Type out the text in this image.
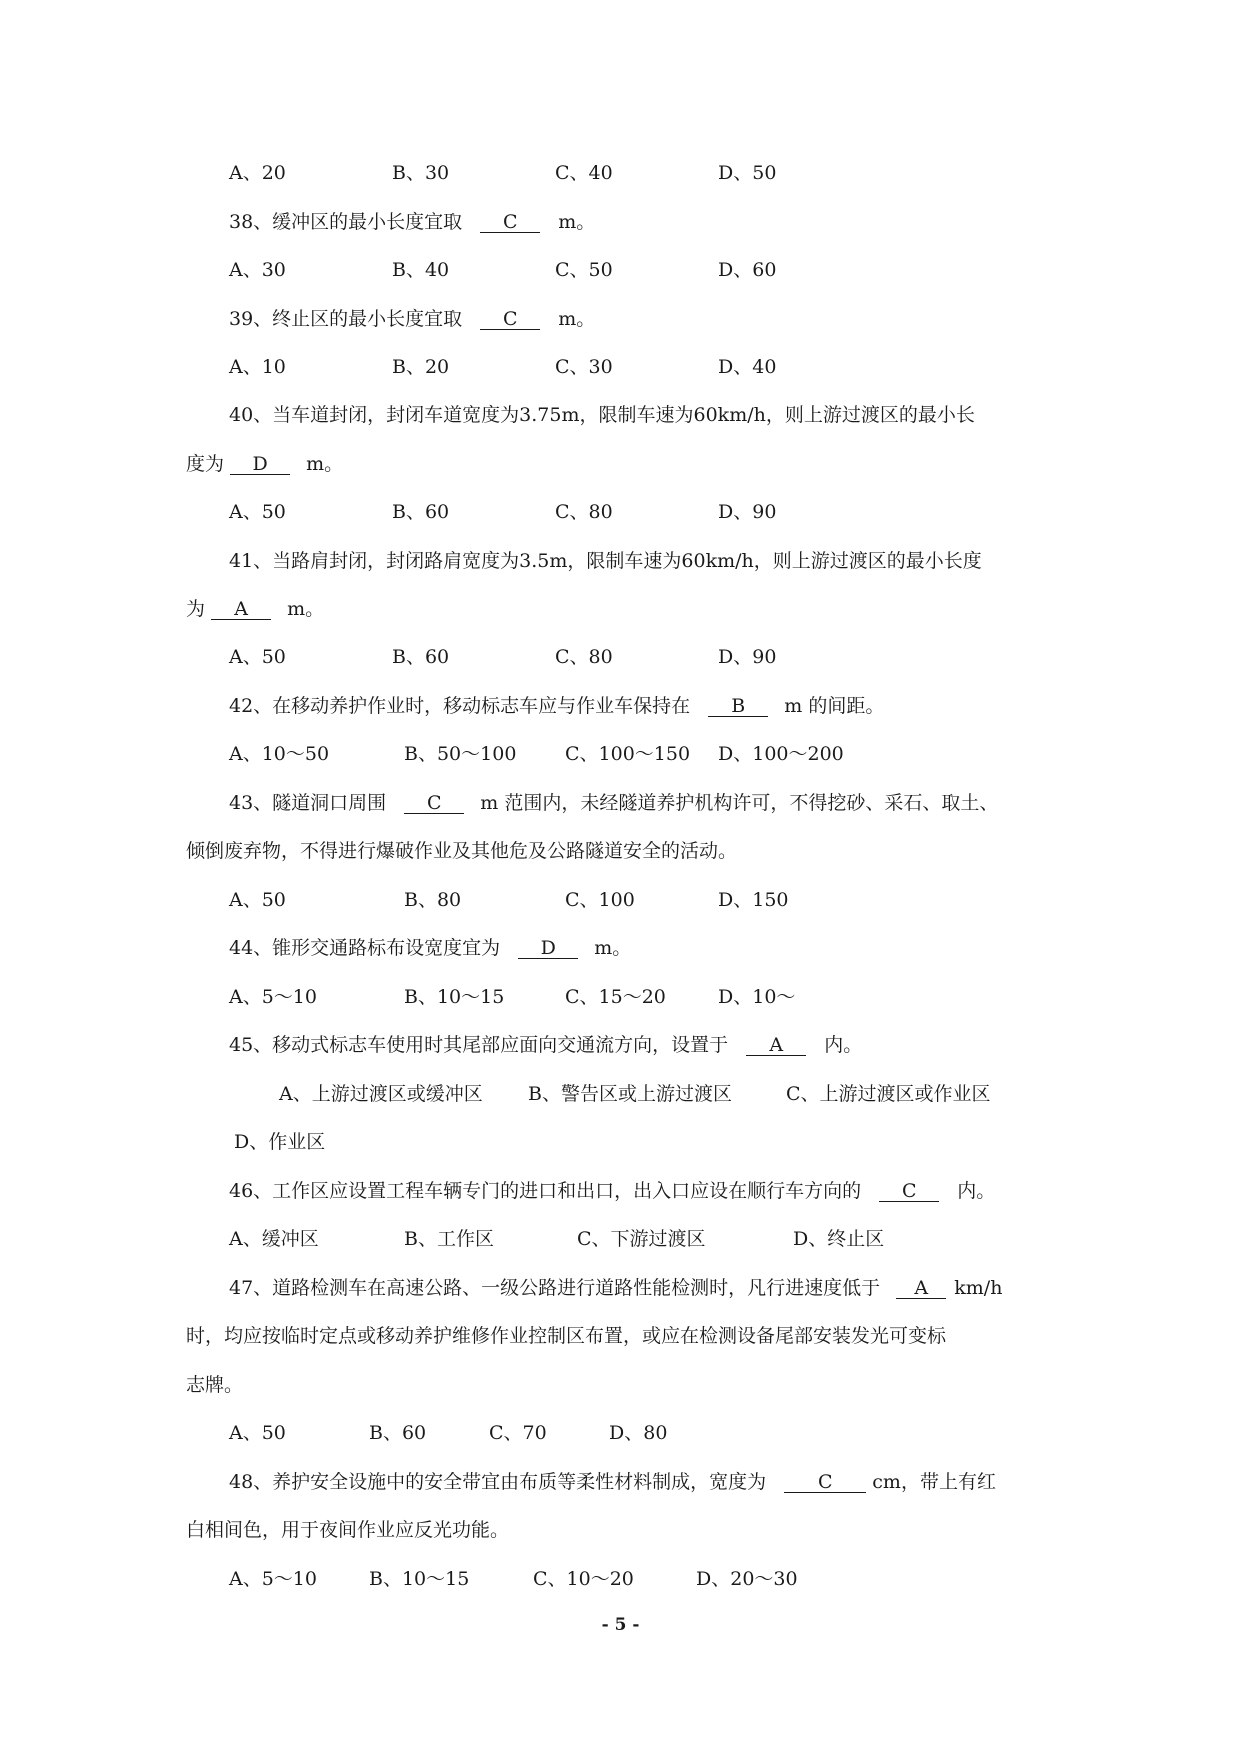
A、20	B、30	C、40	D、50
38、缓冲区的最小长度宜取 C m。
A、30	B、40	C、50	D、60
39、终止区的最小长度宜取 C m。
A、10	B、20	C、30	D、40
40、当车道封闭，封闭车道宽度为3.75m，限制车速为60km/h，则上游过渡区的最小长
度为 D m。
A、50	B、60	C、80	D、90
41、当路肩封闭，封闭路肩宽度为3.5m，限制车速为60km/h，则上游过渡区的最小长度
为 A m。
A、50	B、60	C、80	D、90
42、在移动养护作业时，移动标志车应与作业车保持在 B m 的间距。
A、10～50	B、50～100	C、100～150 D、100～200
43、隧道洞口周围 C m 范围内，未经隧道养护机构许可，不得挖砂、采石、取土、
倾倒废弃物，不得进行爆破作业及其他危及公路隧道安全的活动。
A、50	B、80	C、100	D、150
44、锥形交通路标布设宽度宜为 D m。
A、5～10	B、10～15	C、15～20	D、10～
45、移动式标志车使用时其尾部应面向交通流方向，设置于 A 内。
A、上游过渡区或缓冲区 B、警告区或上游过渡区	C、上游过渡区或作业区
D、作业区
46、工作区应设置工程车辆专门的进口和出口，出入口应设在顺行车方向的 C 内。
A、缓冲区	B、工作区	C、下游过渡区	D、终止区
47、道路检测车在高速公路、一级公路进行道路性能检测时，凡行进速度低于 A km/h
时，均应按临时定点或移动养护维修作业控制区布置，或应在检测设备尾部安装发光可变标
志牌。
A、50	B、60	C、70	D、80
48、养护安全设施中的安全带宜由布质等柔性材料制成，宽度为	C cm，带上有红
白相间色，用于夜间作业应反光功能。
A、5～10	B、10～15	C、10～20	D、20～30
- 5 -
